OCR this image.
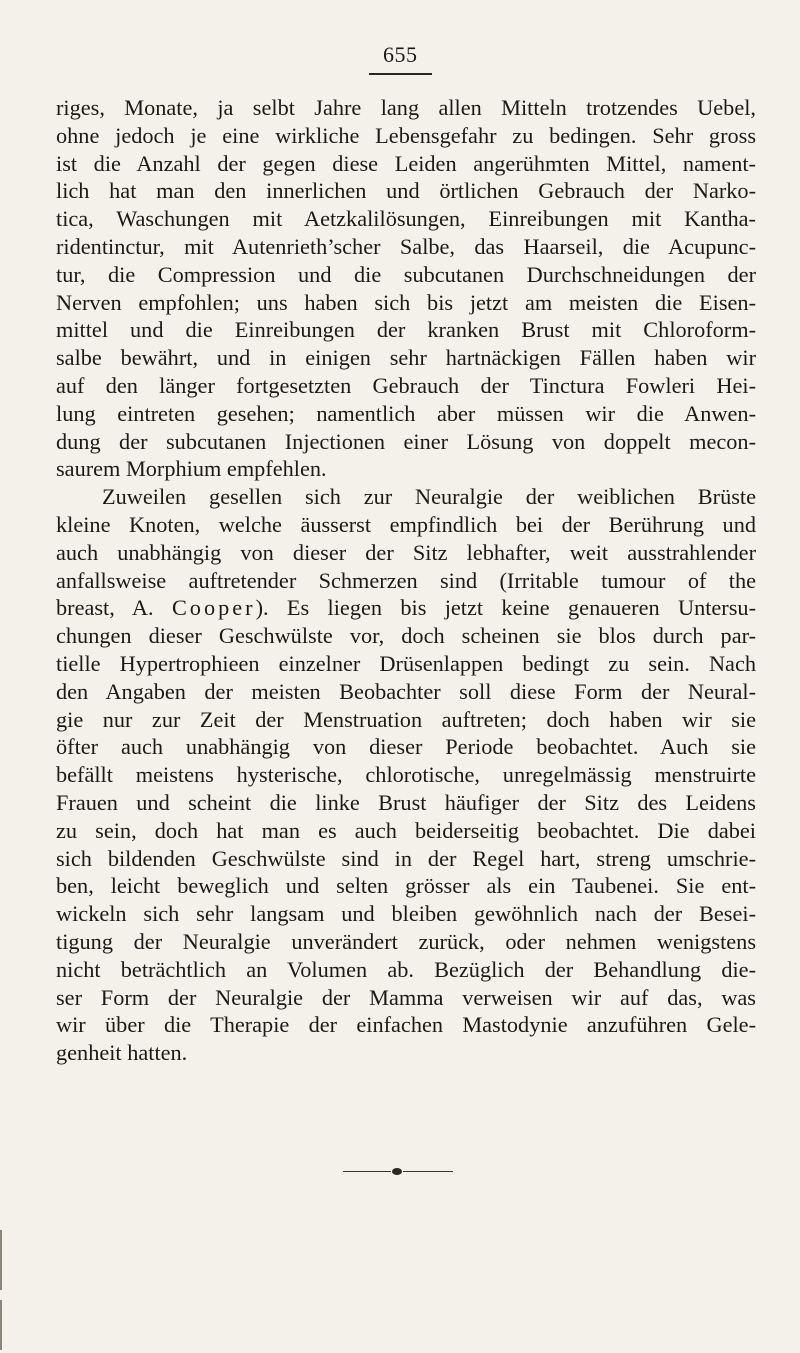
655
riges, Monate, ja selbt Jahre lang allen Mitteln trotzendes Uebel,
ohne jedoch je eine wirkliche Lebensgefahr zu bedingen. Sehr gross
ist die Anzahl der gegen diese Leiden angerühmten Mittel, nament-
lich hat man den innerlichen und örtlichen Gebrauch der Narko-
tica, Waschungen mit Aetzkalilösungen, Einreibungen mit Kantha-
ridentinctur, mit Autenrieth’scher Salbe, das Haarseil, die Acupunc-
tur, die Compression und die subcutanen Durchschneidungen der
Nerven empfohlen; uns haben sich bis jetzt am meisten die Eisen-
mittel und die Einreibungen der kranken Brust mit Chloroform-
salbe bewährt, und in einigen sehr hartnäckigen Fällen haben wir
auf den länger fortgesetzten Gebrauch der Tinctura Fowleri Hei-
lung eintreten gesehen; namentlich aber müssen wir die Anwen-
dung der subcutanen Injectionen einer Lösung von doppelt mecon-
saurem Morphium empfehlen.
Zuweilen gesellen sich zur Neuralgie der weiblichen Brüste
kleine Knoten, welche äusserst empfindlich bei der Berührung und
auch unabhängig von dieser der Sitz lebhafter, weit ausstrahlender
anfallsweise auftretender Schmerzen sind (Irritable tumour of the
breast, A. Cooper). Es liegen bis jetzt keine genaueren Untersu-
chungen dieser Geschwülste vor, doch scheinen sie blos durch par-
tielle Hypertrophieen einzelner Drüsenlappen bedingt zu sein. Nach
den Angaben der meisten Beobachter soll diese Form der Neural-
gie nur zur Zeit der Menstruation auftreten; doch haben wir sie
öfter auch unabhängig von dieser Periode beobachtet. Auch sie
befällt meistens hysterische, chlorotische, unregelmässig menstruirte
Frauen und scheint die linke Brust häufiger der Sitz des Leidens
zu sein, doch hat man es auch beiderseitig beobachtet. Die dabei
sich bildenden Geschwülste sind in der Regel hart, streng umschrie-
ben, leicht beweglich und selten grösser als ein Taubenei. Sie ent-
wickeln sich sehr langsam und bleiben gewöhnlich nach der Besei-
tigung der Neuralgie unverändert zurück, oder nehmen wenigstens
nicht beträchtlich an Volumen ab. Bezüglich der Behandlung die-
ser Form der Neuralgie der Mamma verweisen wir auf das, was
wir über die Therapie der einfachen Mastodynie anzuführen Gele-
genheit hatten.
